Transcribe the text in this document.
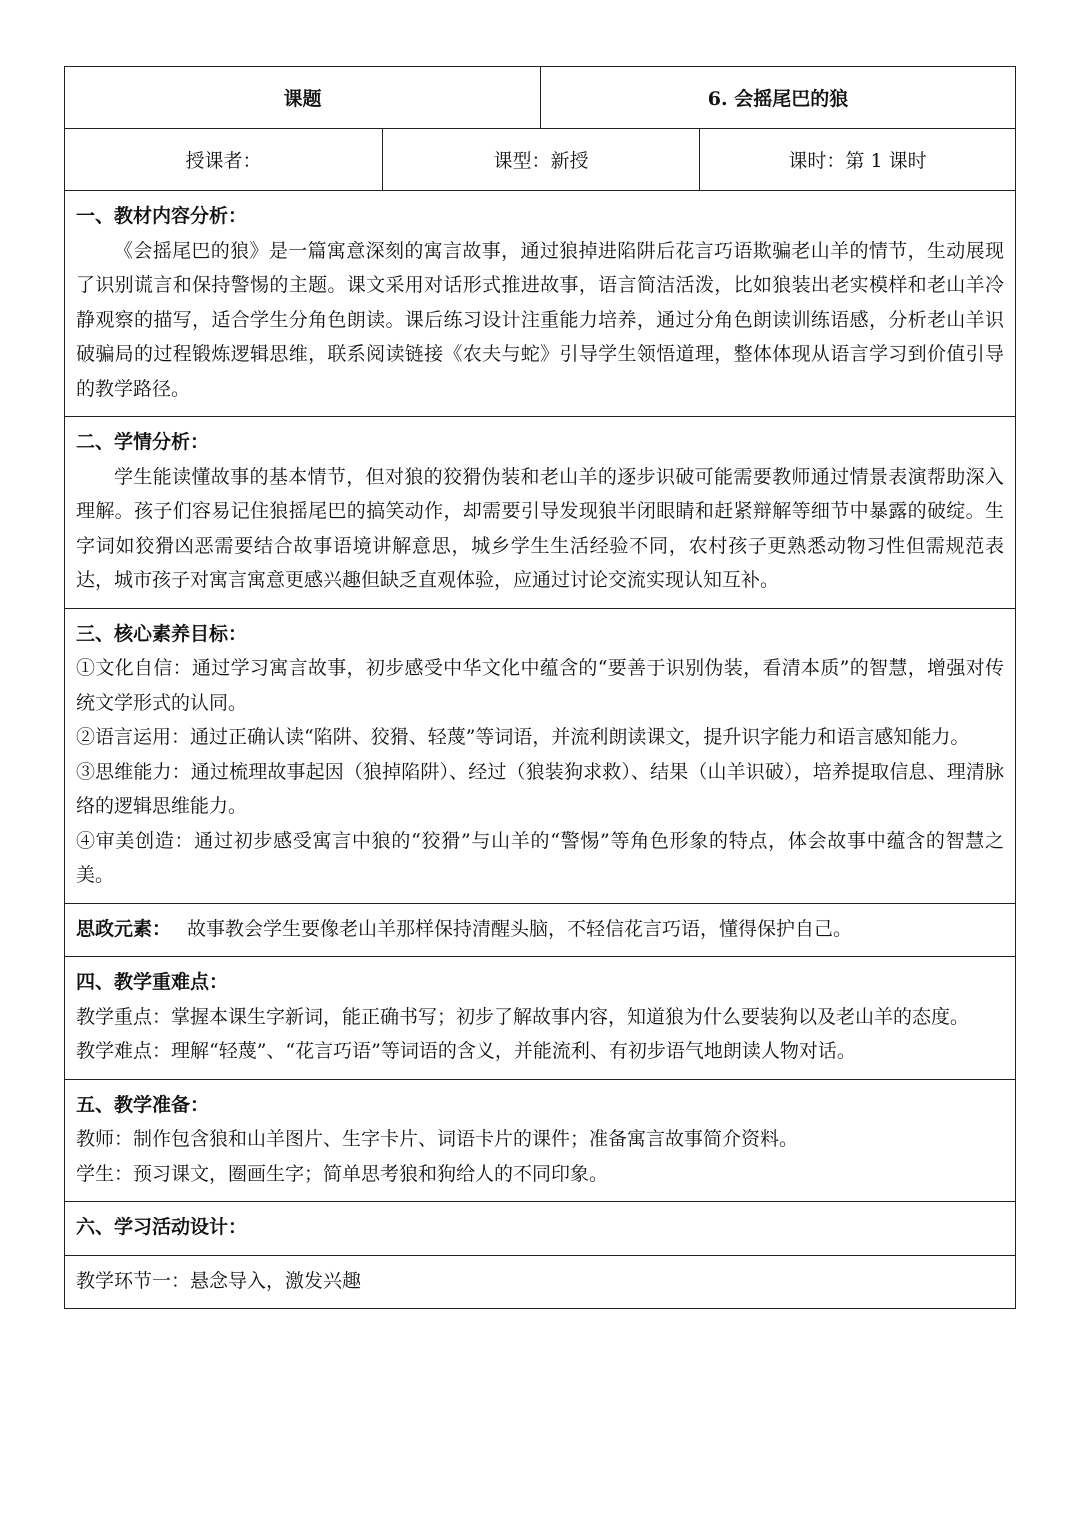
课题	6. 会摇尾巴的狼
授课者：	课型：新授	课时：第 1 课时

一、教材内容分析：

《会摇尾巴的狼》是一篇寓意深刻的寓言故事，通过狼掉进陷阱后花言巧语欺骗老山羊的情节，生动展现了识别谎言和保持警惕的主题。课文采用对话形式推进故事，语言简洁活泼，比如狼装出老实模样和老山羊冷静观察的描写，适合学生分角色朗读。课后练习设计注重能力培养，通过分角色朗读训练语感，分析老山羊识破骗局的过程锻炼逻辑思维，联系阅读链接《农夫与蛇》引导学生领悟道理，整体体现从语言学习到价值引导的教学路径。

二、学情分析：

学生能读懂故事的基本情节，但对狼的狡猾伪装和老山羊的逐步识破可能需要教师通过情景表演帮助深入理解。孩子们容易记住狼摇尾巴的搞笑动作，却需要引导发现狼半闭眼睛和赶紧辩解等细节中暴露的破绽。生字词如狡猾凶恶需要结合故事语境讲解意思，城乡学生生活经验不同，农村孩子更熟悉动物习性但需规范表达，城市孩子对寓言寓意更感兴趣但缺乏直观体验，应通过讨论交流实现认知互补。

三、核心素养目标：

①文化自信：通过学习寓言故事，初步感受中华文化中蕴含的“要善于识别伪装，看清本质”的智慧，增强对传统文学形式的认同。

②语言运用：通过正确认读“陷阱、狡猾、轻蔑”等词语，并流利朗读课文，提升识字能力和语言感知能力。

③思维能力：通过梳理故事起因（狼掉陷阱）、经过（狼装狗求救）、结果（山羊识破），培养提取信息、理清脉络的逻辑思维能力。

④审美创造：通过初步感受寓言中狼的“狡猾”与山羊的“警惕”等角色形象的特点，体会故事中蕴含的智慧之美。

思政元素： 故事教会学生要像老山羊那样保持清醒头脑，不轻信花言巧语，懂得保护自己。

四、教学重难点：

教学重点：掌握本课生字新词，能正确书写；初步了解故事内容，知道狼为什么要装狗以及老山羊的态度。

教学难点：理解“轻蔑”、“花言巧语”等词语的含义，并能流利、有初步语气地朗读人物对话。

五、教学准备：

教师：制作包含狼和山羊图片、生字卡片、词语卡片的课件；准备寓言故事简介资料。

学生：预习课文，圈画生字；简单思考狼和狗给人的不同印象。

六、学习活动设计：

教学环节一：悬念导入，激发兴趣
